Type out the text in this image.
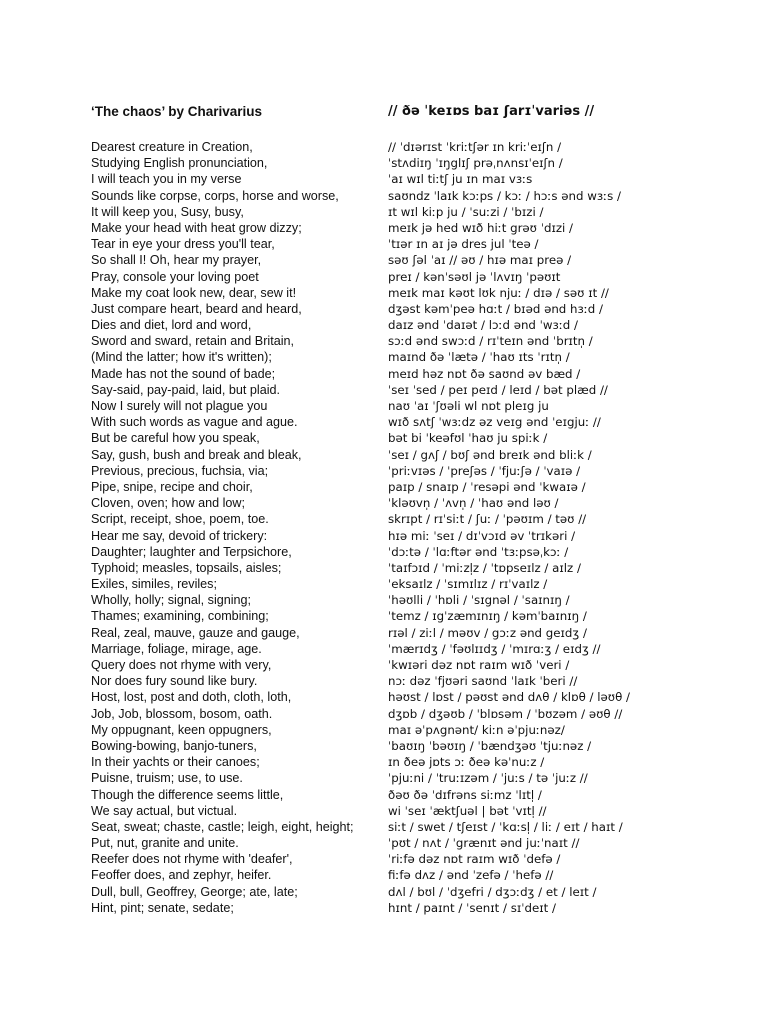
‘The chaos’ by Charivarius	// ðə ˈkeɪɒs baɪ ʃarɪˈvariəs //
Dearest creature in Creation,	// ˈdɪərɪst ˈkriːtʃər ɪn kriːˈeɪʃn /
Studying English pronunciation,	ˈstʌdiɪŋ ˈɪŋglɪʃ prəˌnʌnsɪˈeɪʃn /
I will teach you in my verse	ˈaɪ wɪl tiːtʃ ju ɪn maɪ vɜːs
Sounds like corpse, corps, horse and worse,	saʊndz ˈlaɪk kɔːps / kɔː / hɔːs ənd wɜːs /
It will keep you, Susy, busy,	ɪt wɪl kiːp ju / ˈsuːzi / ˈbɪzi /
Make your head with heat grow dizzy;	meɪk jə hed wɪð hiːt grəʊ ˈdɪzi /
Tear in eye your dress you'll tear,	ˈtɪər ɪn aɪ jə dres jul ˈteə /
So shall I! Oh, hear my prayer,	səʊ ʃəl ˈaɪ // əʊ / hɪə maɪ preə /
Pray, console your loving poet	preɪ / kənˈsəʊl jə ˈlʌvɪŋ ˈpəʊɪt
Make my coat look new, dear, sew it!	meɪk maɪ kəʊt lʊk njuː / dɪə / səʊ ɪt //
Just compare heart, beard and heard,	dʒəst kəmˈpeə hɑːt / bɪəd ənd hɜːd /
Dies and diet, lord and word,	daɪz ənd ˈdaɪət / lɔːd ənd ˈwɜːd /
Sword and sward, retain and Britain,	sɔːd ənd swɔːd / rɪˈteɪn ənd ˈbrɪtn̩ /
(Mind the latter; how it's written);	maɪnd ðə ˈlætə / ˈhaʊ ɪts ˈrɪtn̩ /
Made has not the sound of bade;	meɪd həz nɒt ðə saʊnd əv bæd /
Say-said, pay-paid, laid, but plaid.	ˈseɪ ˈsed / peɪ peɪd / leɪd / bət plæd //
Now I surely will not plague you	naʊ ˈaɪ ˈʃʊəli wl nɒt pleɪg ju
With such words as vague and ague.	wɪð sʌtʃ ˈwɜːdz əz veɪg ənd ˈeɪgjuː //
But be careful how you speak,	bət bi ˈkeəfʊl ˈhaʊ ju spiːk /
Say, gush, bush and break and bleak,	ˈseɪ / gʌʃ / bʊʃ ənd breɪk ənd bliːk /
Previous, precious, fuchsia, via;	ˈpriːvɪəs / ˈpreʃəs / ˈfjuːʃə / ˈvaɪə /
Pipe, snipe, recipe and choir,	paɪp / snaɪp / ˈresəpi ənd ˈkwaɪə /
Cloven, oven; how and low;	ˈkləʊvn̩ / ˈʌvn̩ / ˈhaʊ ənd ləʊ /
Script, receipt, shoe, poem, toe.	skrɪpt / rɪˈsiːt / ʃuː / ˈpəʊɪm / təʊ //
Hear me say, devoid of trickery:	hɪə miː ˈseɪ / dɪˈvɔɪd əv ˈtrɪkəri /
Daughter; laughter and Terpsichore,	ˈdɔːtə / ˈlɑːftər ənd ˈtɜːpsəˌkɔː /
Typhoid; measles, topsails, aisles;	ˈtaɪfɔɪd / ˈmiːzl̩z / ˈtɒpseɪlz / aɪlz /
Exiles, similes, reviles;	ˈeksaɪlz / ˈsɪmɪlɪz / rɪˈvaɪlz /
Wholly, holly; signal, signing;	ˈhəʊlli / ˈhɒli / ˈsɪgnəl / ˈsaɪnɪŋ /
Thames; examining, combining;	ˈtemz / ɪgˈzæmɪnɪŋ / kəmˈbaɪnɪŋ /
Real, zeal, mauve, gauze and gauge,	rɪəl / ziːl / məʊv / gɔːz ənd geɪdʒ /
Marriage, foliage, mirage, age.	ˈmærɪdʒ / ˈfəʊlɪɪdʒ / ˈmɪrɑːʒ / eɪdʒ //
Query does not rhyme with very,	ˈkwɪəri dəz nɒt raɪm wɪð ˈveri /
Nor does fury sound like bury.	nɔː dəz ˈfjʊəri saʊnd ˈlaɪk ˈberi //
Host, lost, post and doth, cloth, loth,	həʊst / lɒst / pəʊst ənd dʌθ / klɒθ / ləʊθ /
Job, Job, blossom, bosom, oath.	dʒɒb / dʒəʊb / ˈblɒsəm / ˈbʊzəm / əʊθ //
My oppugnant, keen oppugners,	maɪ əˈpʌgnənt/ kiːn əˈpjuːnəz/
Bowing-bowing, banjo-tuners,	ˈbaʊɪŋ ˈbəʊɪŋ / ˈbændʒəʊ ˈtjuːnəz /
In their yachts or their canoes;	ɪn ðeə jɒts ɔː ðeə kəˈnuːz /
Puisne, truism; use, to use.	ˈpjuːni / ˈtruːɪzəm / ˈjuːs / tə ˈjuːz //
Though the difference seems little,	ðəʊ ðə ˈdɪfrəns siːmz ˈlɪtl̩ /
We say actual, but victual.	wi ˈseɪ ˈæktʃuəl | bət ˈvɪtl̩ //
Seat, sweat; chaste, castle; leigh, eight, height;	siːt / swet / tʃeɪst / ˈkɑːsl̩ / liː / eɪt / haɪt /
Put, nut, granite and unite.	ˈpʊt / nʌt / ˈgrænɪt ənd juːˈnaɪt //
Reefer does not rhyme with 'deafer',	ˈriːfə dəz nɒt raɪm wɪð ˈdefə /
Feoffer does, and zephyr, heifer.	fiːfə dʌz / ənd ˈzefə / ˈhefə //
Dull, bull, Geoffrey, George; ate, late;	dʌl / bʊl / ˈdʒefri / dʒɔːdʒ / et / leɪt /
Hint, pint; senate, sedate;	hɪnt / paɪnt / ˈsenɪt / sɪˈdeɪt /
